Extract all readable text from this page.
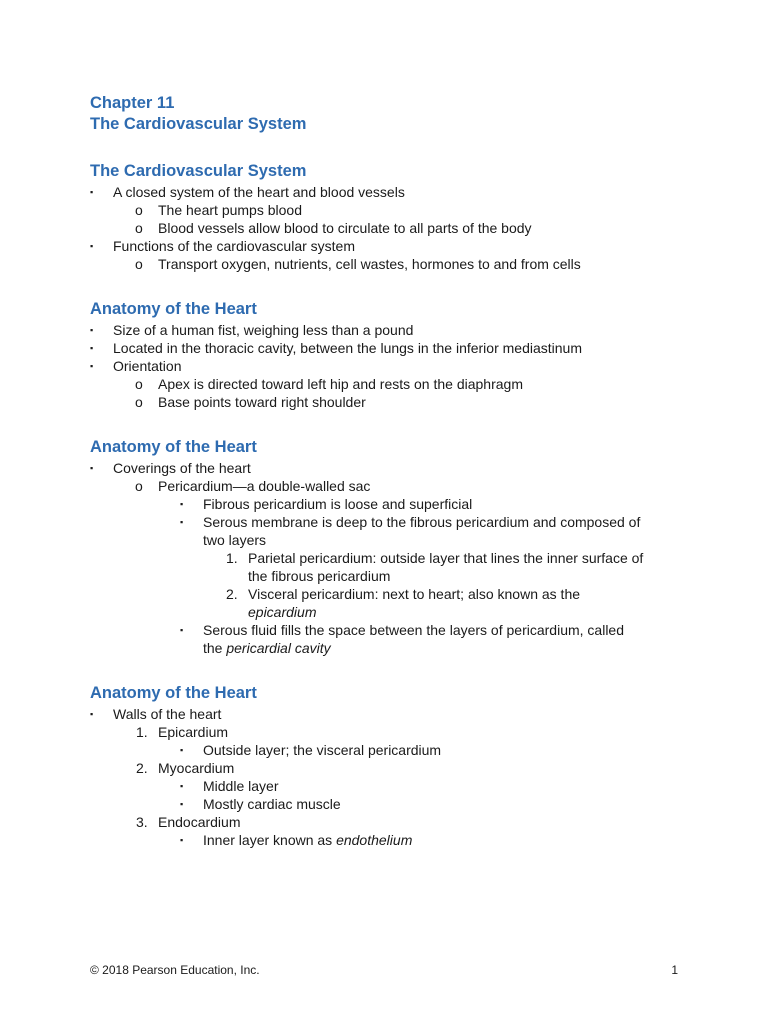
Chapter 11
The Cardiovascular System
The Cardiovascular System
▪ A closed system of the heart and blood vessels
o The heart pumps blood
o Blood vessels allow blood to circulate to all parts of the body
▪ Functions of the cardiovascular system
o Transport oxygen, nutrients, cell wastes, hormones to and from cells
Anatomy of the Heart
▪ Size of a human fist, weighing less than a pound
▪ Located in the thoracic cavity, between the lungs in the inferior mediastinum
▪ Orientation
o Apex is directed toward left hip and rests on the diaphragm
o Base points toward right shoulder
Anatomy of the Heart
▪ Coverings of the heart
o Pericardium—a double-walled sac
▪ Fibrous pericardium is loose and superficial
▪ Serous membrane is deep to the fibrous pericardium and composed of
two layers
1. Parietal pericardium: outside layer that lines the inner surface of
the fibrous pericardium
2. Visceral pericardium: next to heart; also known as the
epicardium
▪ Serous fluid fills the space between the layers of pericardium, called
the pericardial cavity
Anatomy of the Heart
▪ Walls of the heart
1. Epicardium
▪ Outside layer; the visceral pericardium
2. Myocardium
▪ Middle layer
▪ Mostly cardiac muscle
3. Endocardium
▪ Inner layer known as endothelium
© 2018 Pearson Education, Inc.	1
